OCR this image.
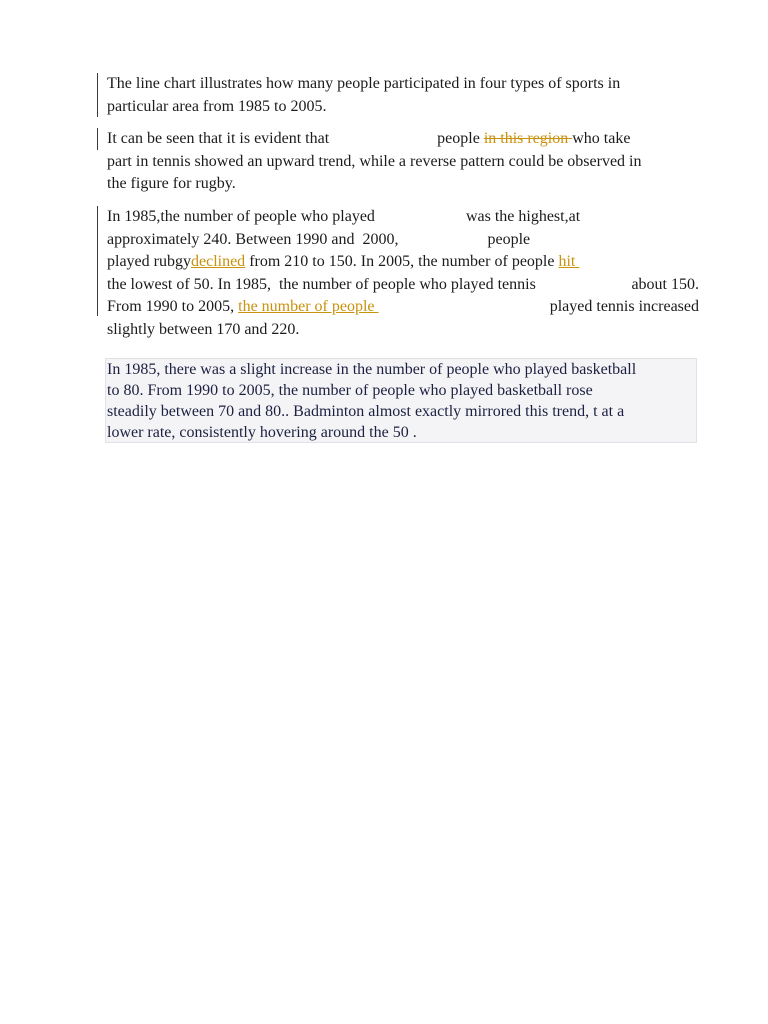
The line chart illustrates how many people participated in four types of sports in
particular area from 1985 to 2005.
It can be seen that it is evident that	people in this region who take
part in tennis showed an upward trend, while a reverse pattern could be observed in
the figure for rugby.
In 1985,the number of people who played	was the highest,at
approximately 240. Between 1990 and  2000,	people
played rubgydeclined from 210 to 150. In 2005, the number of people hit
the lowest of 50. In 1985,  the number of people who played tennis	about 150.
From 1990 to 2005, the number of people	played tennis increased
slightly between 170 and 220.
In 1985, there was a slight increase in the number of people who played basketball
to 80. From 1990 to 2005, the number of people who played basketball rose
steadily between 70 and 80.. Badminton almost exactly mirrored this trend, t at a
lower rate, consistently hovering around the 50 .
